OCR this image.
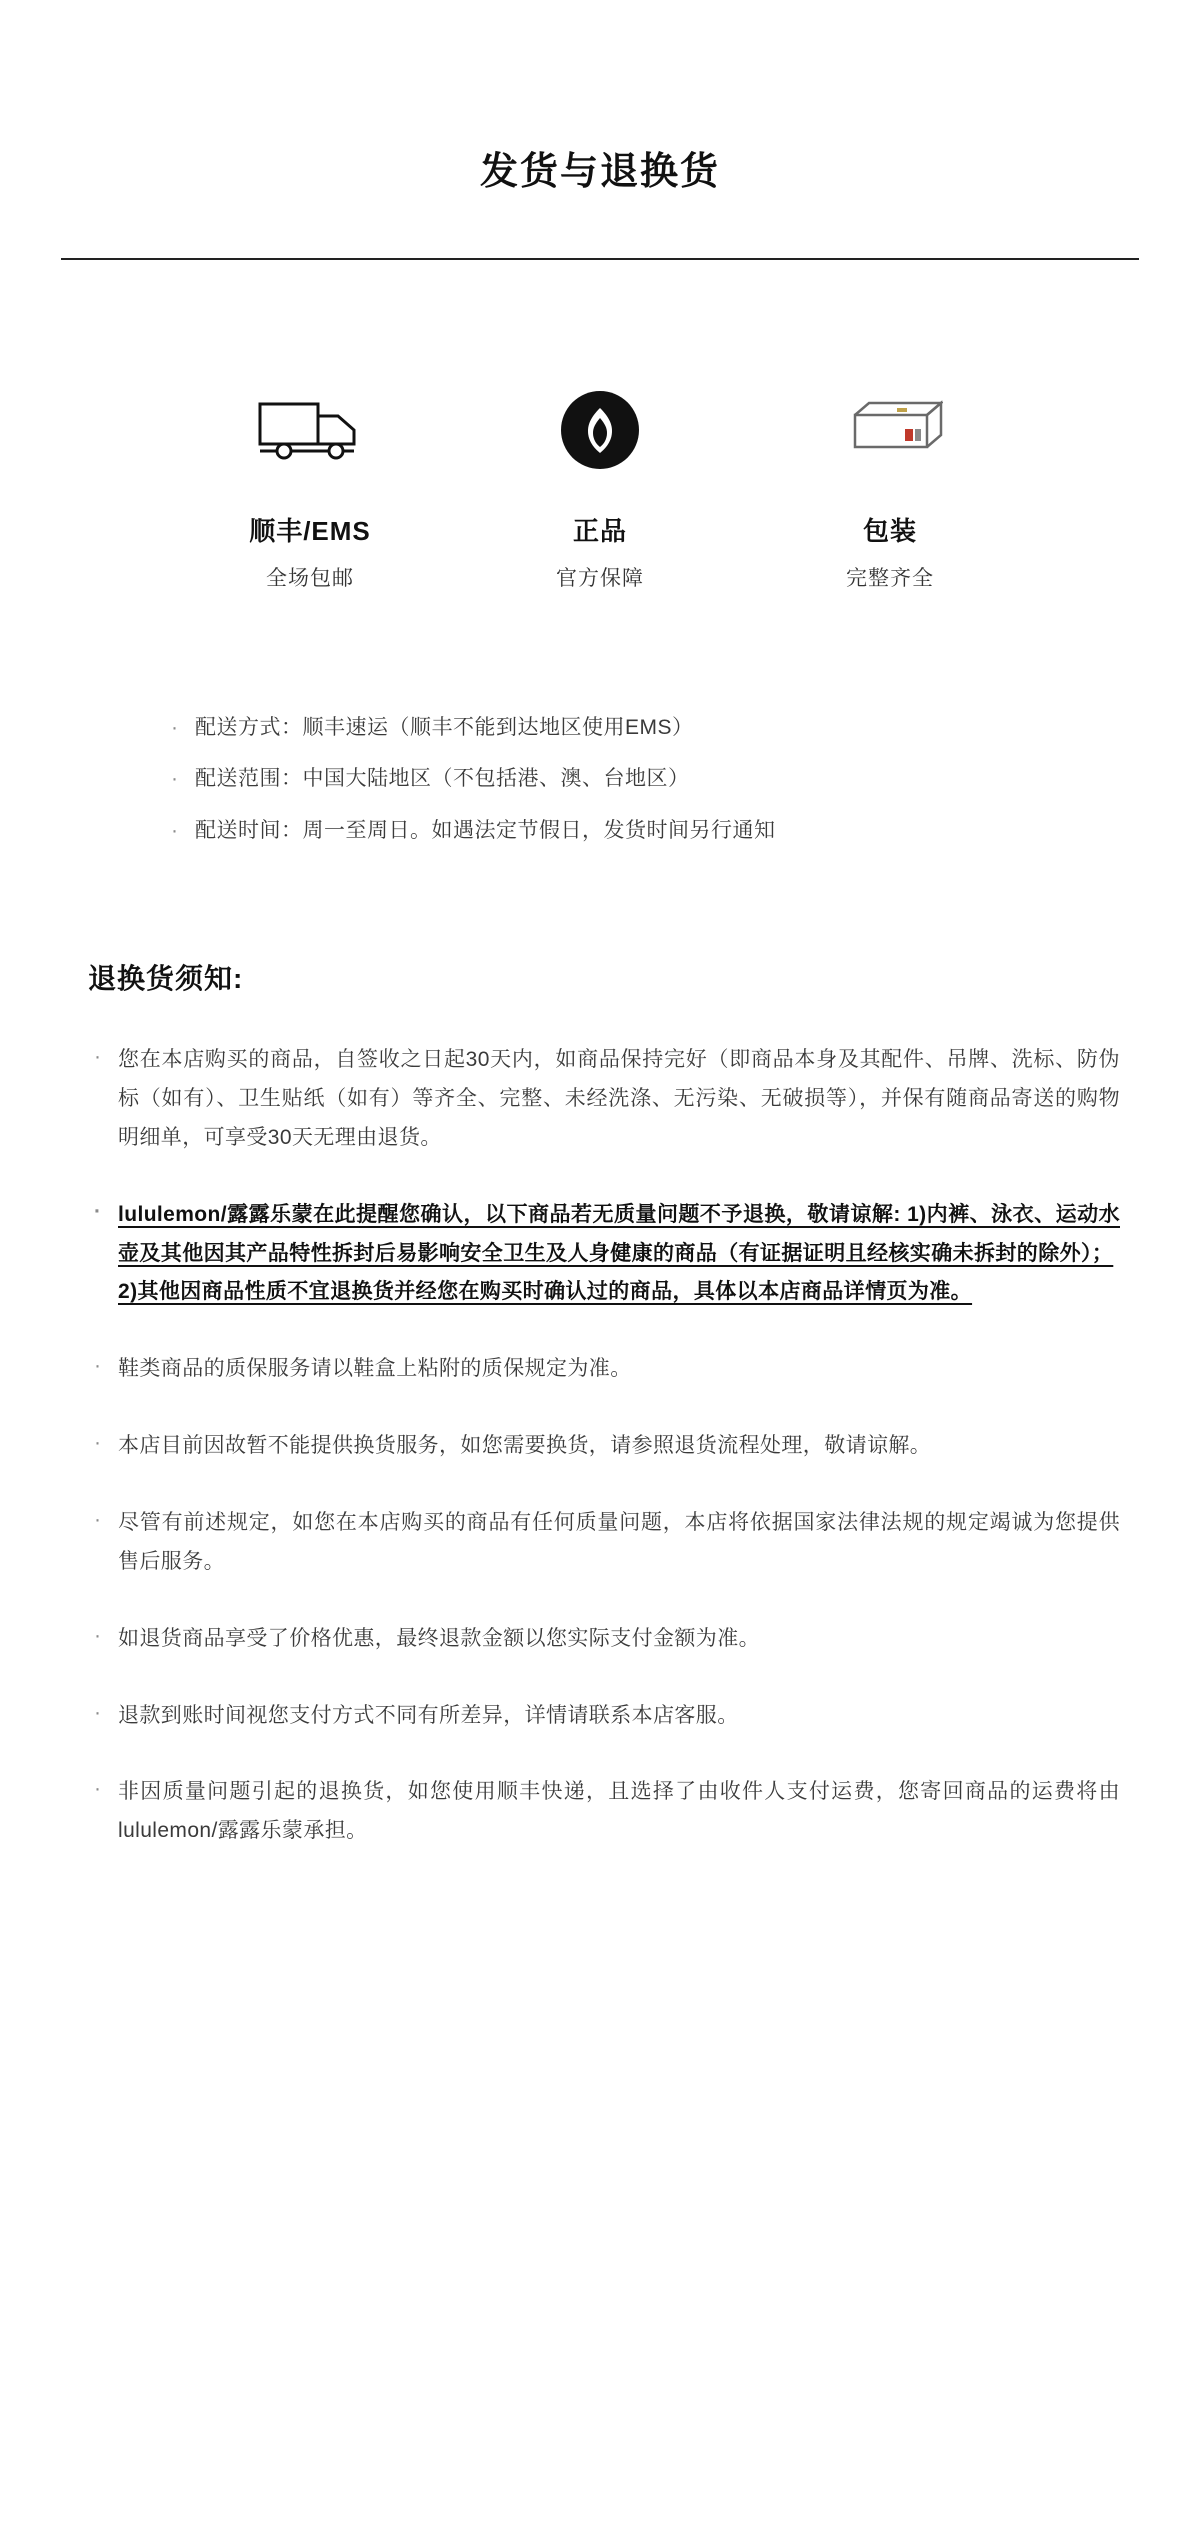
发货与退换货
顺丰/EMS
全场包邮
正品
官方保障
包装
完整齐全
· 配送方式：顺丰速运（顺丰不能到达地区使用EMS）
· 配送范围：中国大陆地区（不包括港、澳、台地区）
· 配送时间：周一至周日。如遇法定节假日，发货时间另行通知
退换货须知:
· 您在本店购买的商品，自签收之日起30天内，如商品保持完好（即商品本身及其配件、吊牌、洗标、防伪标（如有）、卫生贴纸（如有）等齐全、完整、未经洗涤、无污染、无破损等），并保有随商品寄送的购物明细单，可享受30天无理由退货。
· lululemon/露露乐蒙在此提醒您确认，以下商品若无质量问题不予退换，敬请谅解: 1)内裤、泳衣、运动水壶及其他因其产品特性拆封后易影响安全卫生及人身健康的商品（有证据证明且经核实确未拆封的除外）；
2)其他因商品性质不宜退换货并经您在购买时确认过的商品，具体以本店商品详情页为准。
· 鞋类商品的质保服务请以鞋盒上粘附的质保规定为准。
· 本店目前因故暂不能提供换货服务，如您需要换货，请参照退货流程处理，敬请谅解。
· 尽管有前述规定，如您在本店购买的商品有任何质量问题，本店将依据国家法律法规的规定竭诚为您提供售后服务。
· 如退货商品享受了价格优惠，最终退款金额以您实际支付金额为准。
· 退款到账时间视您支付方式不同有所差异，详情请联系本店客服。
· 非因质量问题引起的退换货，如您使用顺丰快递，且选择了由收件人支付运费，您寄回商品的运费将由lululemon/露露乐蒙承担。
